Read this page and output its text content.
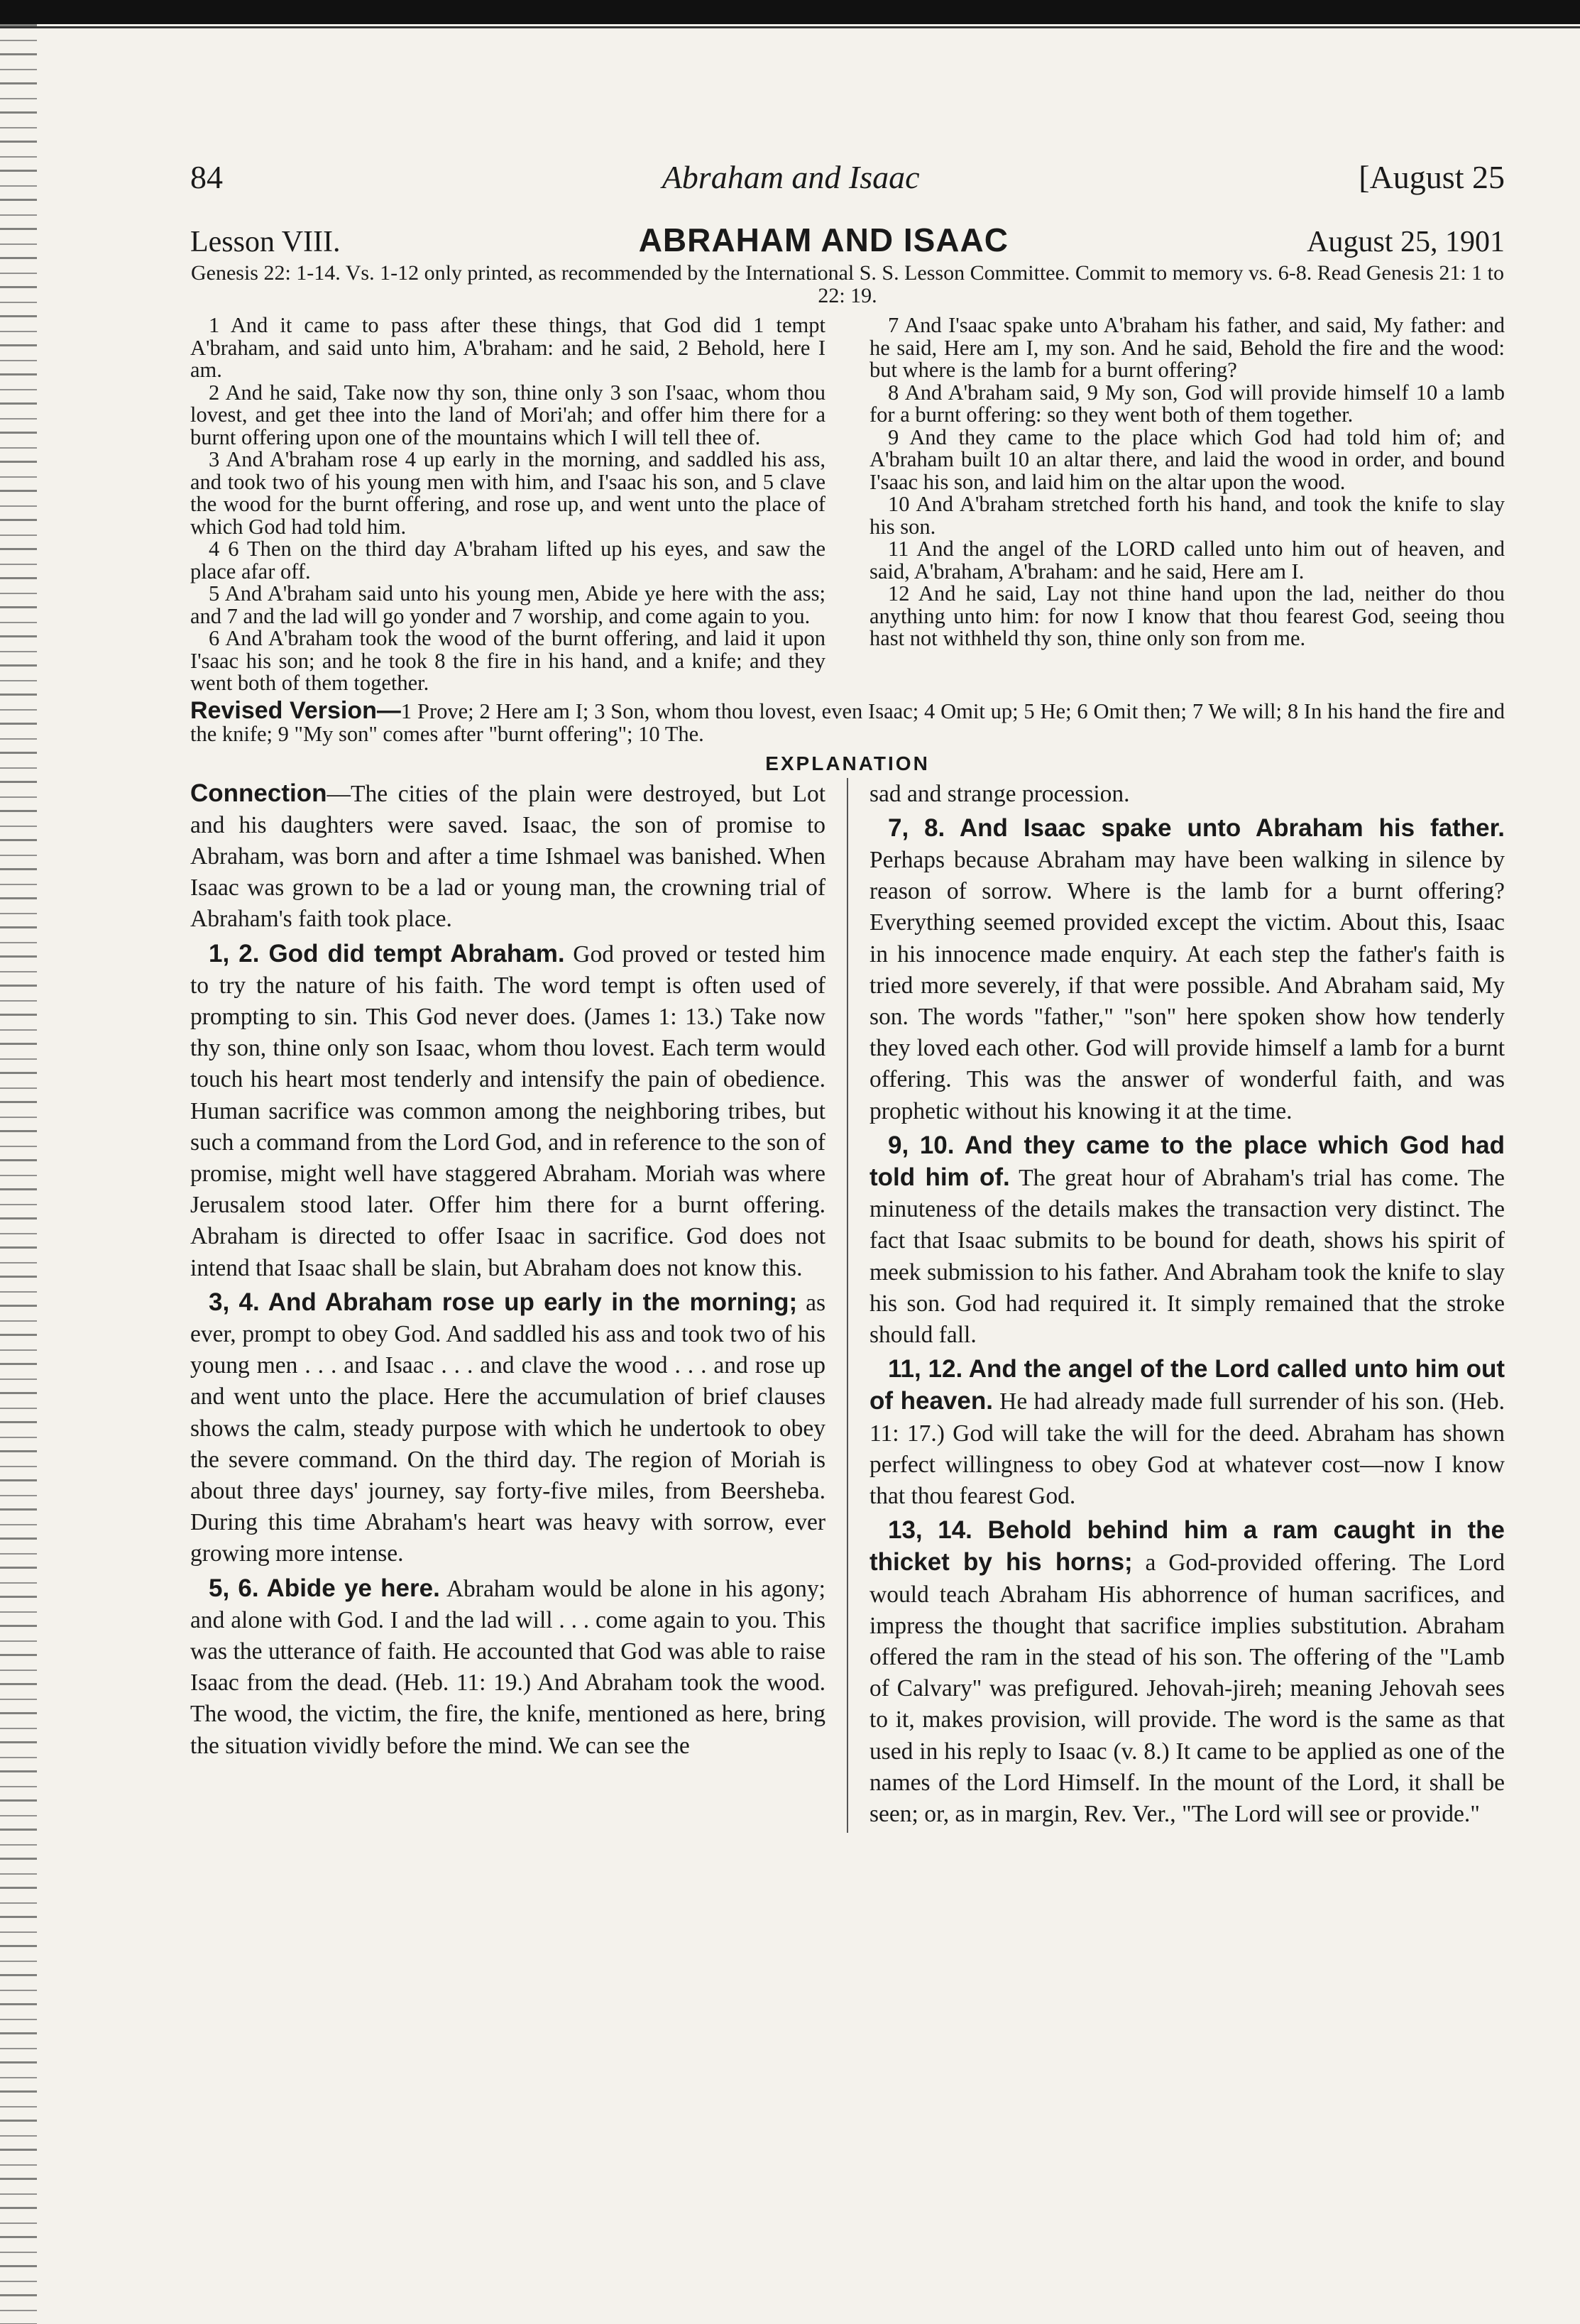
84	Abraham and Isaac	[August 25
Lesson VIII.	ABRAHAM AND ISAAC	August 25, 1901
Genesis 22: 1-14. Vs. 1-12 only printed, as recommended by the International S. S. Lesson Committee. Commit to memory vs. 6-8. Read Genesis 21: 1 to 22: 19.

1 And it came to pass after these things, that God did 1 tempt A'braham, and said unto him, A'braham: and he said, 2 Behold, here I am.

2 And he said, Take now thy son, thine only 3 son I'saac, whom thou lovest, and get thee into the land of Mori'ah; and offer him there for a burnt offering upon one of the mountains which I will tell thee of.

3 And A'braham rose 4 up early in the morning, and saddled his ass, and took two of his young men with him, and I'saac his son, and 5 clave the wood for the burnt offering, and rose up, and went unto the place of which God had told him.

4 6 Then on the third day A'braham lifted up his eyes, and saw the place afar off.

5 And A'braham said unto his young men, Abide ye here with the ass; and 7 and the lad will go yonder and 7 worship, and come again to you.

6 And A'braham took the wood of the burnt offering, and laid it upon I'saac his son; and he took 8 the fire in his hand, and a knife; and they went both of them together.

7 And I'saac spake unto A'braham his father, and said, My father: and he said, Here am I, my son. And he said, Behold the fire and the wood: but where is the lamb for a burnt offering?

8 And A'braham said, 9 My son, God will provide himself 10 a lamb for a burnt offering: so they went both of them together.

9 And they came to the place which God had told him of; and A'braham built 10 an altar there, and laid the wood in order, and bound I'saac his son, and laid him on the altar upon the wood.

10 And A'braham stretched forth his hand, and took the knife to slay his son.

11 And the angel of the LORD called unto him out of heaven, and said, A'braham, A'braham: and he said, Here am I.

12 And he said, Lay not thine hand upon the lad, neither do thou anything unto him: for now I know that thou fearest God, seeing thou hast not withheld thy son, thine only son from me.

Revised Version—1 Prove; 2 Here am I; 3 Son, whom thou lovest, even Isaac; 4 Omit up; 5 He; 6 Omit then; 7 We will; 8 In his hand the fire and the knife; 9 "My son" comes after "burnt offering"; 10 The.
EXPLANATION

Connection—The cities of the plain were destroyed, but Lot and his daughters were saved. Isaac, the son of promise to Abraham, was born and after a time Ishmael was banished. When Isaac was grown to be a lad or young man, the crowning trial of Abraham's faith took place.

1, 2. God did tempt Abraham. God proved or tested him to try the nature of his faith. The word tempt is often used of prompting to sin. This God never does. (James 1: 13.) Take now thy son, thine only son Isaac, whom thou lovest. Each term would touch his heart most tenderly and intensify the pain of obedience. Human sacrifice was common among the neighboring tribes, but such a command from the Lord God, and in reference to the son of promise, might well have staggered Abraham. Moriah was where Jerusalem stood later. Offer him there for a burnt offering. Abraham is directed to offer Isaac in sacrifice. God does not intend that Isaac shall be slain, but Abraham does not know this.

3, 4. And Abraham rose up early in the morning; as ever, prompt to obey God. And saddled his ass and took two of his young men . . . and Isaac . . . and clave the wood . . . and rose up and went unto the place. Here the accumulation of brief clauses shows the calm, steady purpose with which he undertook to obey the severe command. On the third day. The region of Moriah is about three days' journey, say forty-five miles, from Beersheba. During this time Abraham's heart was heavy with sorrow, ever growing more intense.

5, 6. Abide ye here. Abraham would be alone in his agony; and alone with God. I and the lad will . . . come again to you. This was the utterance of faith. He accounted that God was able to raise Isaac from the dead. (Heb. 11: 19.) And Abraham took the wood. The wood, the victim, the fire, the knife, mentioned as here, bring the situation vividly before the mind. We can see the

sad and strange procession.

7, 8. And Isaac spake unto Abraham his father. Perhaps because Abraham may have been walking in silence by reason of sorrow. Where is the lamb for a burnt offering? Everything seemed provided except the victim. About this, Isaac in his innocence made enquiry. At each step the father's faith is tried more severely, if that were possible. And Abraham said, My son. The words "father," "son" here spoken show how tenderly they loved each other. God will provide himself a lamb for a burnt offering. This was the answer of wonderful faith, and was prophetic without his knowing it at the time.

9, 10. And they came to the place which God had told him of. The great hour of Abraham's trial has come. The minuteness of the details makes the transaction very distinct. The fact that Isaac submits to be bound for death, shows his spirit of meek submission to his father. And Abraham took the knife to slay his son. God had required it. It simply remained that the stroke should fall.

11, 12. And the angel of the Lord called unto him out of heaven. He had already made full surrender of his son. (Heb. 11: 17.) God will take the will for the deed. Abraham has shown perfect willingness to obey God at whatever cost—now I know that thou fearest God.

13, 14. Behold behind him a ram caught in the thicket by his horns; a God-provided offering. The Lord would teach Abraham His abhorrence of human sacrifices, and impress the thought that sacrifice implies substitution. Abraham offered the ram in the stead of his son. The offering of the "Lamb of Calvary" was prefigured. Jehovah-jireh; meaning Jehovah sees to it, makes provision, will provide. The word is the same as that used in his reply to Isaac (v. 8.) It came to be applied as one of the names of the Lord Himself. In the mount of the Lord, it shall be seen; or, as in margin, Rev. Ver., "The Lord will see or provide."
